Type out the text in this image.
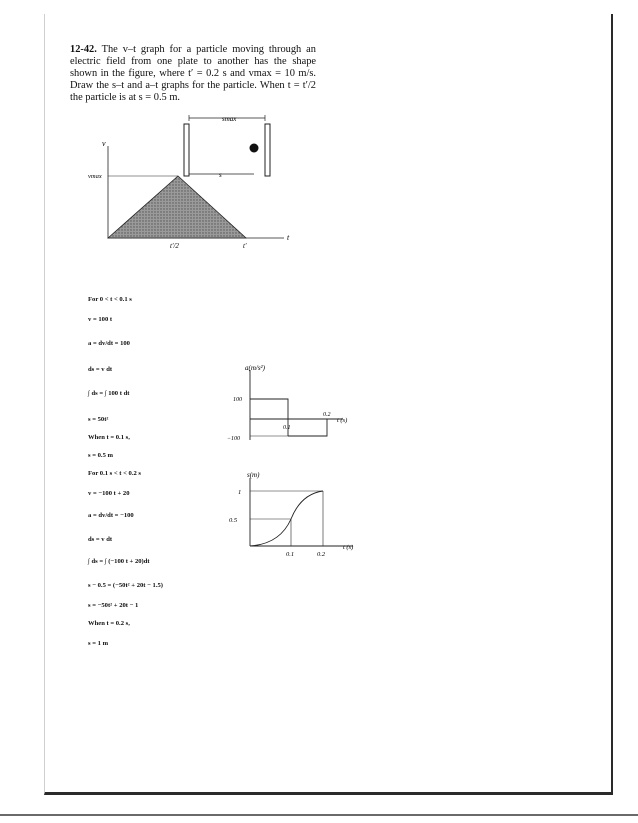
12-42. The v–t graph for a particle moving through an electric field from one plate to another has the shape shown in the figure, where t′ = 0.2 s and vmax = 10 m/s. Draw the s–t and a–t graphs for the particle. When t = t′/2 the particle is at s = 0.5 m.
smax
s
v
t
vmax
t′/2	t′
For 0 < t < 0.1 s
v = 100 t
a = dv/dt = 100
ds = v dt
∫ ds = ∫ 100 t dt
s = 50t²
When t = 0.1 s,
s = 0.5 m
For 0.1 s < t < 0.2 s
v = −100 t + 20
a = dv/dt = −100
ds = v dt
∫ ds = ∫ (−100 t + 20)dt
s − 0.5 = (−50t² + 20t − 1.5)
s = −50t² + 20t − 1
When t = 0.2 s,
s = 1 m
a(m/s²)
100
−100
0.1
0.2
t (s)
s(m)
1
0.5
0.1	0.2
t (s)
